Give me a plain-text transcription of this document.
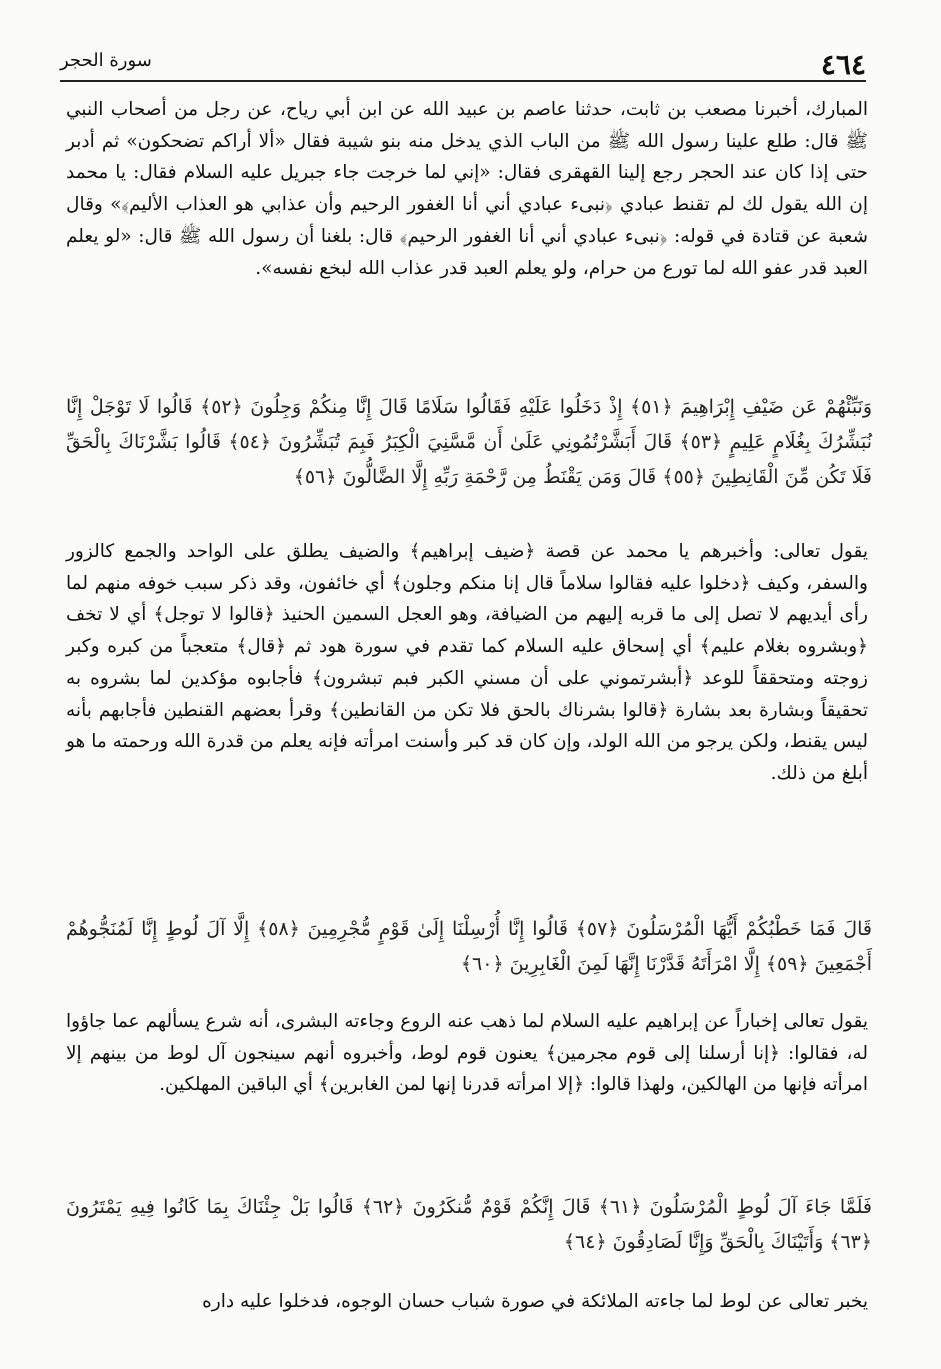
٤٦٤
سورة الحجر

المبارك، أخبرنا مصعب بن ثابت، حدثنا عاصم بن عبيد الله عن ابن أبي رياح، عن رجل من أصحاب النبي ﷺ قال: طلع علينا رسول الله ﷺ من الباب الذي يدخل منه بنو شيبة فقال «ألا أراكم تضحكون» ثم أدبر حتى إذا كان عند الحجر رجع إلينا القهقرى فقال: «إني لما خرجت جاء جبريل عليه السلام فقال: يا محمد إن الله يقول لك لم تقنط عبادي ﴿نبىء عبادي أني أنا الغفور الرحيم وأن عذابي هو العذاب الأليم﴾» وقال شعبة عن قتادة في قوله: ﴿نبىء عبادي أني أنا الغفور الرحيم﴾ قال: بلغنا أن رسول الله ﷺ قال: «لو يعلم العبد قدر عفو الله لما تورع من حرام، ولو يعلم العبد قدر عذاب الله لبخع نفسه».

وَنَبِّئْهُمْ عَن ضَيْفِ إِبْرَاهِيمَ ﴿٥١﴾ إِذْ دَخَلُوا عَلَيْهِ فَقَالُوا سَلَامًا قَالَ إِنَّا مِنكُمْ وَجِلُونَ ﴿٥٢﴾ قَالُوا لَا تَوْجَلْ إِنَّا نُبَشِّرُكَ بِغُلَامٍ عَلِيمٍ ﴿٥٣﴾ قَالَ أَبَشَّرْتُمُونِي عَلَىٰ أَن مَّسَّنِيَ الْكِبَرُ فَبِمَ تُبَشِّرُونَ ﴿٥٤﴾ قَالُوا بَشَّرْنَاكَ بِالْحَقِّ فَلَا تَكُن مِّنَ الْقَانِطِينَ ﴿٥٥﴾ قَالَ وَمَن يَقْنَطُ مِن رَّحْمَةِ رَبِّهِ إِلَّا الضَّالُّونَ ﴿٥٦﴾

يقول تعالى: وأخبرهم يا محمد عن قصة ﴿ضيف إبراهيم﴾ والضيف يطلق على الواحد والجمع كالزور والسفر، وكيف ﴿دخلوا عليه فقالوا سلاماً قال إنا منكم وجلون﴾ أي خائفون، وقد ذكر سبب خوفه منهم لما رأى أيديهم لا تصل إلى ما قربه إليهم من الضيافة، وهو العجل السمين الحنيذ ﴿قالوا لا توجل﴾ أي لا تخف ﴿وبشروه بغلام عليم﴾ أي إسحاق عليه السلام كما تقدم في سورة هود ثم ﴿قال﴾ متعجباً من كبره وكبر زوجته ومتحققاً للوعد ﴿أبشرتموني على أن مسني الكبر فبم تبشرون﴾ فأجابوه مؤكدين لما بشروه به تحقيقاً وبشارة بعد بشارة ﴿قالوا بشرناك بالحق فلا تكن من القانطين﴾ وقرأ بعضهم القنطين فأجابهم بأنه ليس يقنط، ولكن يرجو من الله الولد، وإن كان قد كبر وأسنت امرأته فإنه يعلم من قدرة الله ورحمته ما هو أبلغ من ذلك.

قَالَ فَمَا خَطْبُكُمْ أَيُّهَا الْمُرْسَلُونَ ﴿٥٧﴾ قَالُوا إِنَّا أُرْسِلْنَا إِلَىٰ قَوْمٍ مُّجْرِمِينَ ﴿٥٨﴾ إِلَّا آلَ لُوطٍ إِنَّا لَمُنَجُّوهُمْ أَجْمَعِينَ ﴿٥٩﴾ إِلَّا امْرَأَتَهُ قَدَّرْنَا إِنَّهَا لَمِنَ الْغَابِرِينَ ﴿٦٠﴾

يقول تعالى إخباراً عن إبراهيم عليه السلام لما ذهب عنه الروع وجاءته البشرى، أنه شرع يسألهم عما جاؤوا له، فقالوا: ﴿إنا أرسلنا إلى قوم مجرمين﴾ يعنون قوم لوط، وأخبروه أنهم سينجون آل لوط من بينهم إلا امرأته فإنها من الهالكين، ولهذا قالوا: ﴿إلا امرأته قدرنا إنها لمن الغابرين﴾ أي الباقين المهلكين.

فَلَمَّا جَاءَ آلَ لُوطٍ الْمُرْسَلُونَ ﴿٦١﴾ قَالَ إِنَّكُمْ قَوْمٌ مُّنكَرُونَ ﴿٦٢﴾ قَالُوا بَلْ جِئْنَاكَ بِمَا كَانُوا فِيهِ يَمْتَرُونَ ﴿٦٣﴾ وَأَتَيْنَاكَ بِالْحَقِّ وَإِنَّا لَصَادِقُونَ ﴿٦٤﴾

يخبر تعالى عن لوط لما جاءته الملائكة في صورة شباب حسان الوجوه، فدخلوا عليه داره
